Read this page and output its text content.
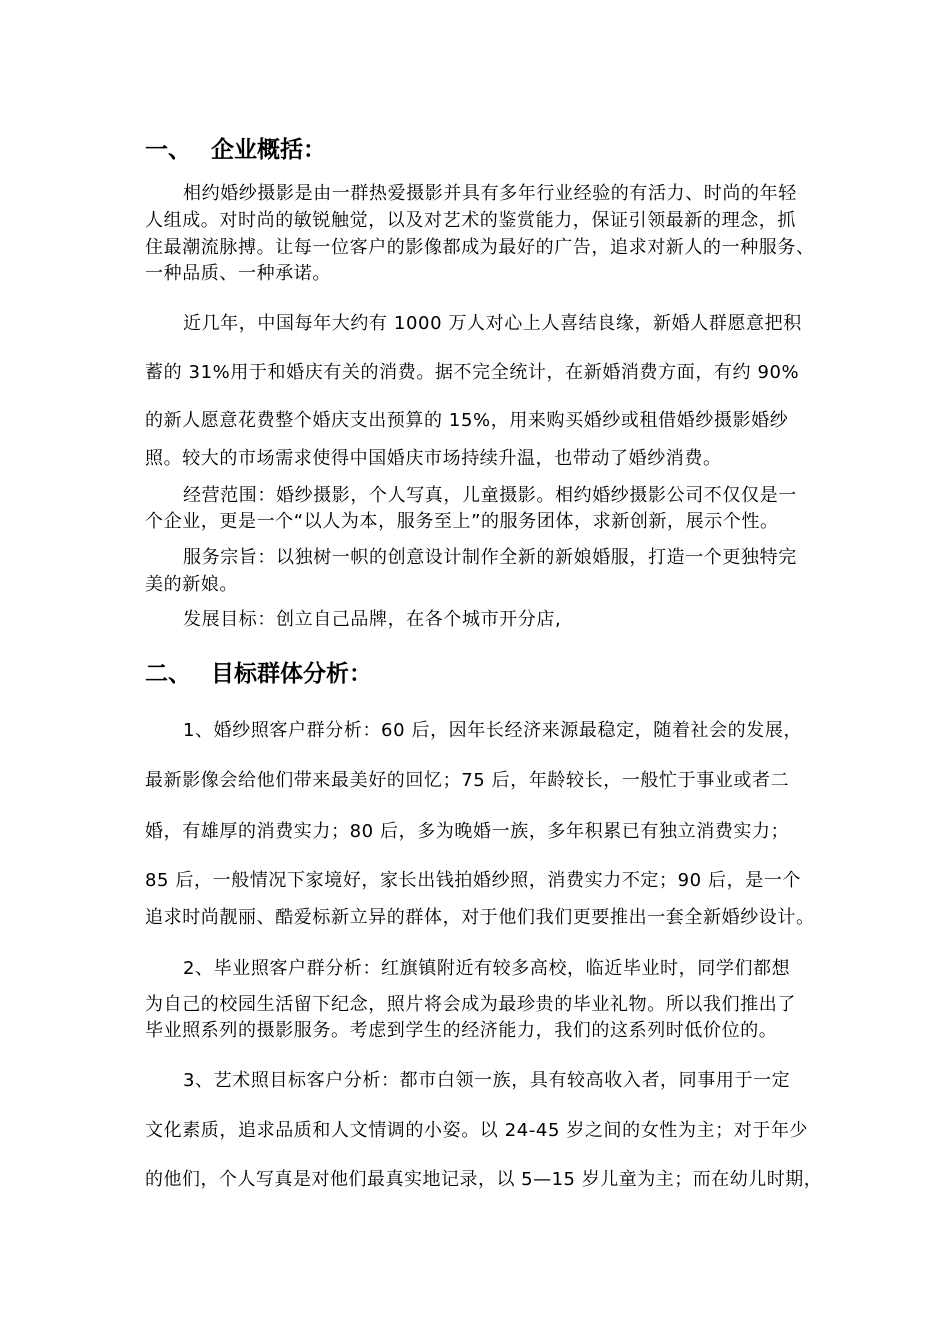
一、 企业概括：
相约婚纱摄影是由一群热爱摄影并具有多年行业经验的有活力、时尚的年轻
人组成。对时尚的敏锐触觉，以及对艺术的鉴赏能力，保证引领最新的理念，抓
住最潮流脉搏。让每一位客户的影像都成为最好的广告，追求对新人的一种服务、
一种品质、一种承诺。
近几年，中国每年大约有 1000 万人对心上人喜结良缘，新婚人群愿意把积
蓄的 31%用于和婚庆有关的消费。据不完全统计，在新婚消费方面，有约 90%
的新人愿意花费整个婚庆支出预算的 15%，用来购买婚纱或租借婚纱摄影婚纱
照。较大的市场需求使得中国婚庆市场持续升温，也带动了婚纱消费。
经营范围：婚纱摄影，个人写真，儿童摄影。相约婚纱摄影公司不仅仅是一
个企业，更是一个“以人为本，服务至上”的服务团体，求新创新，展示个性。
服务宗旨：以独树一帜的创意设计制作全新的新娘婚服，打造一个更独特完
美的新娘。
发展目标：创立自己品牌，在各个城市开分店,
二、 目标群体分析：
1、婚纱照客户群分析：60 后，因年长经济来源最稳定，随着社会的发展，
最新影像会给他们带来最美好的回忆；75 后，年龄较长，一般忙于事业或者二
婚，有雄厚的消费实力；80 后，多为晚婚一族，多年积累已有独立消费实力；
85 后，一般情况下家境好，家长出钱拍婚纱照，消费实力不定；90 后，是一个
追求时尚靓丽、酷爱标新立异的群体，对于他们我们更要推出一套全新婚纱设计。
2、毕业照客户群分析：红旗镇附近有较多高校，临近毕业时，同学们都想
为自己的校园生活留下纪念，照片将会成为最珍贵的毕业礼物。所以我们推出了
毕业照系列的摄影服务。考虑到学生的经济能力，我们的这系列时低价位的。
3、艺术照目标客户分析：都市白领一族，具有较高收入者，同事用于一定
文化素质，追求品质和人文情调的小姿。以 24-45 岁之间的女性为主；对于年少
的他们，个人写真是对他们最真实地记录，以 5—15 岁儿童为主；而在幼儿时期，
